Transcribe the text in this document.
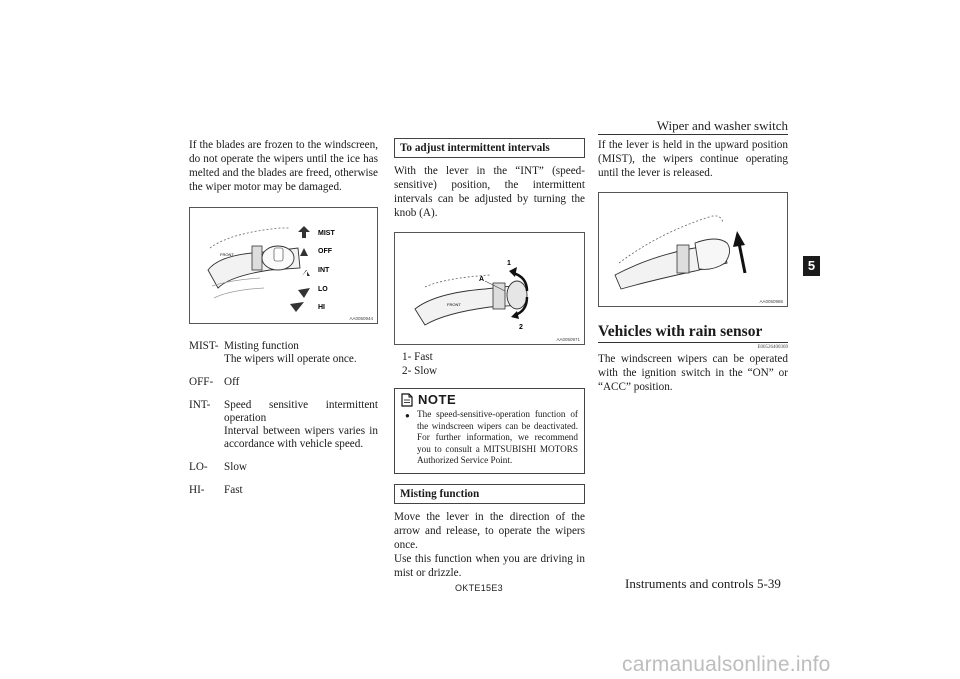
Wiper and washer switch
5

If the blades are frozen to the windscreen, do not operate the wipers until the ice has melted and the blades are freed, otherwise the wiper motor may be damaged.

FRONT
MIST
OFF
INT
LO
HI
AA0050944
MIST- Misting function
The wipers will operate once.
OFF- Off
INT-	Speed sensitive intermittent operation
Interval between wipers varies in accordance with vehicle speed.
LO-	Slow
HI-	Fast
To adjust intermittent intervals

With the lever in the “INT” (speed-sensitive) position, the intermittent intervals can be adjusted by turning the knob (A).

FRONT
A
1
2
AA0050971
1- Fast
2- Slow
NOTE
● The speed-sensitive-operation function of the windscreen wipers can be deactivated. For further information, we recommend you to consult a MITSUBISHI MOTORS Authorized Service Point.
Misting function

Move the lever in the direction of the arrow and release, to operate the wipers once.

Use this function when you are driving in mist or drizzle.

If the lever is held in the upward position (MIST), the wipers continue operating until the lever is released.

AA0050986
Vehicles with rain sensor
E00526400369

The windscreen wipers can be operated with the ignition switch in the “ON” or “ACC” position.

OKTE15E3	Instruments and controls 5-39
carmanualsonline.info
